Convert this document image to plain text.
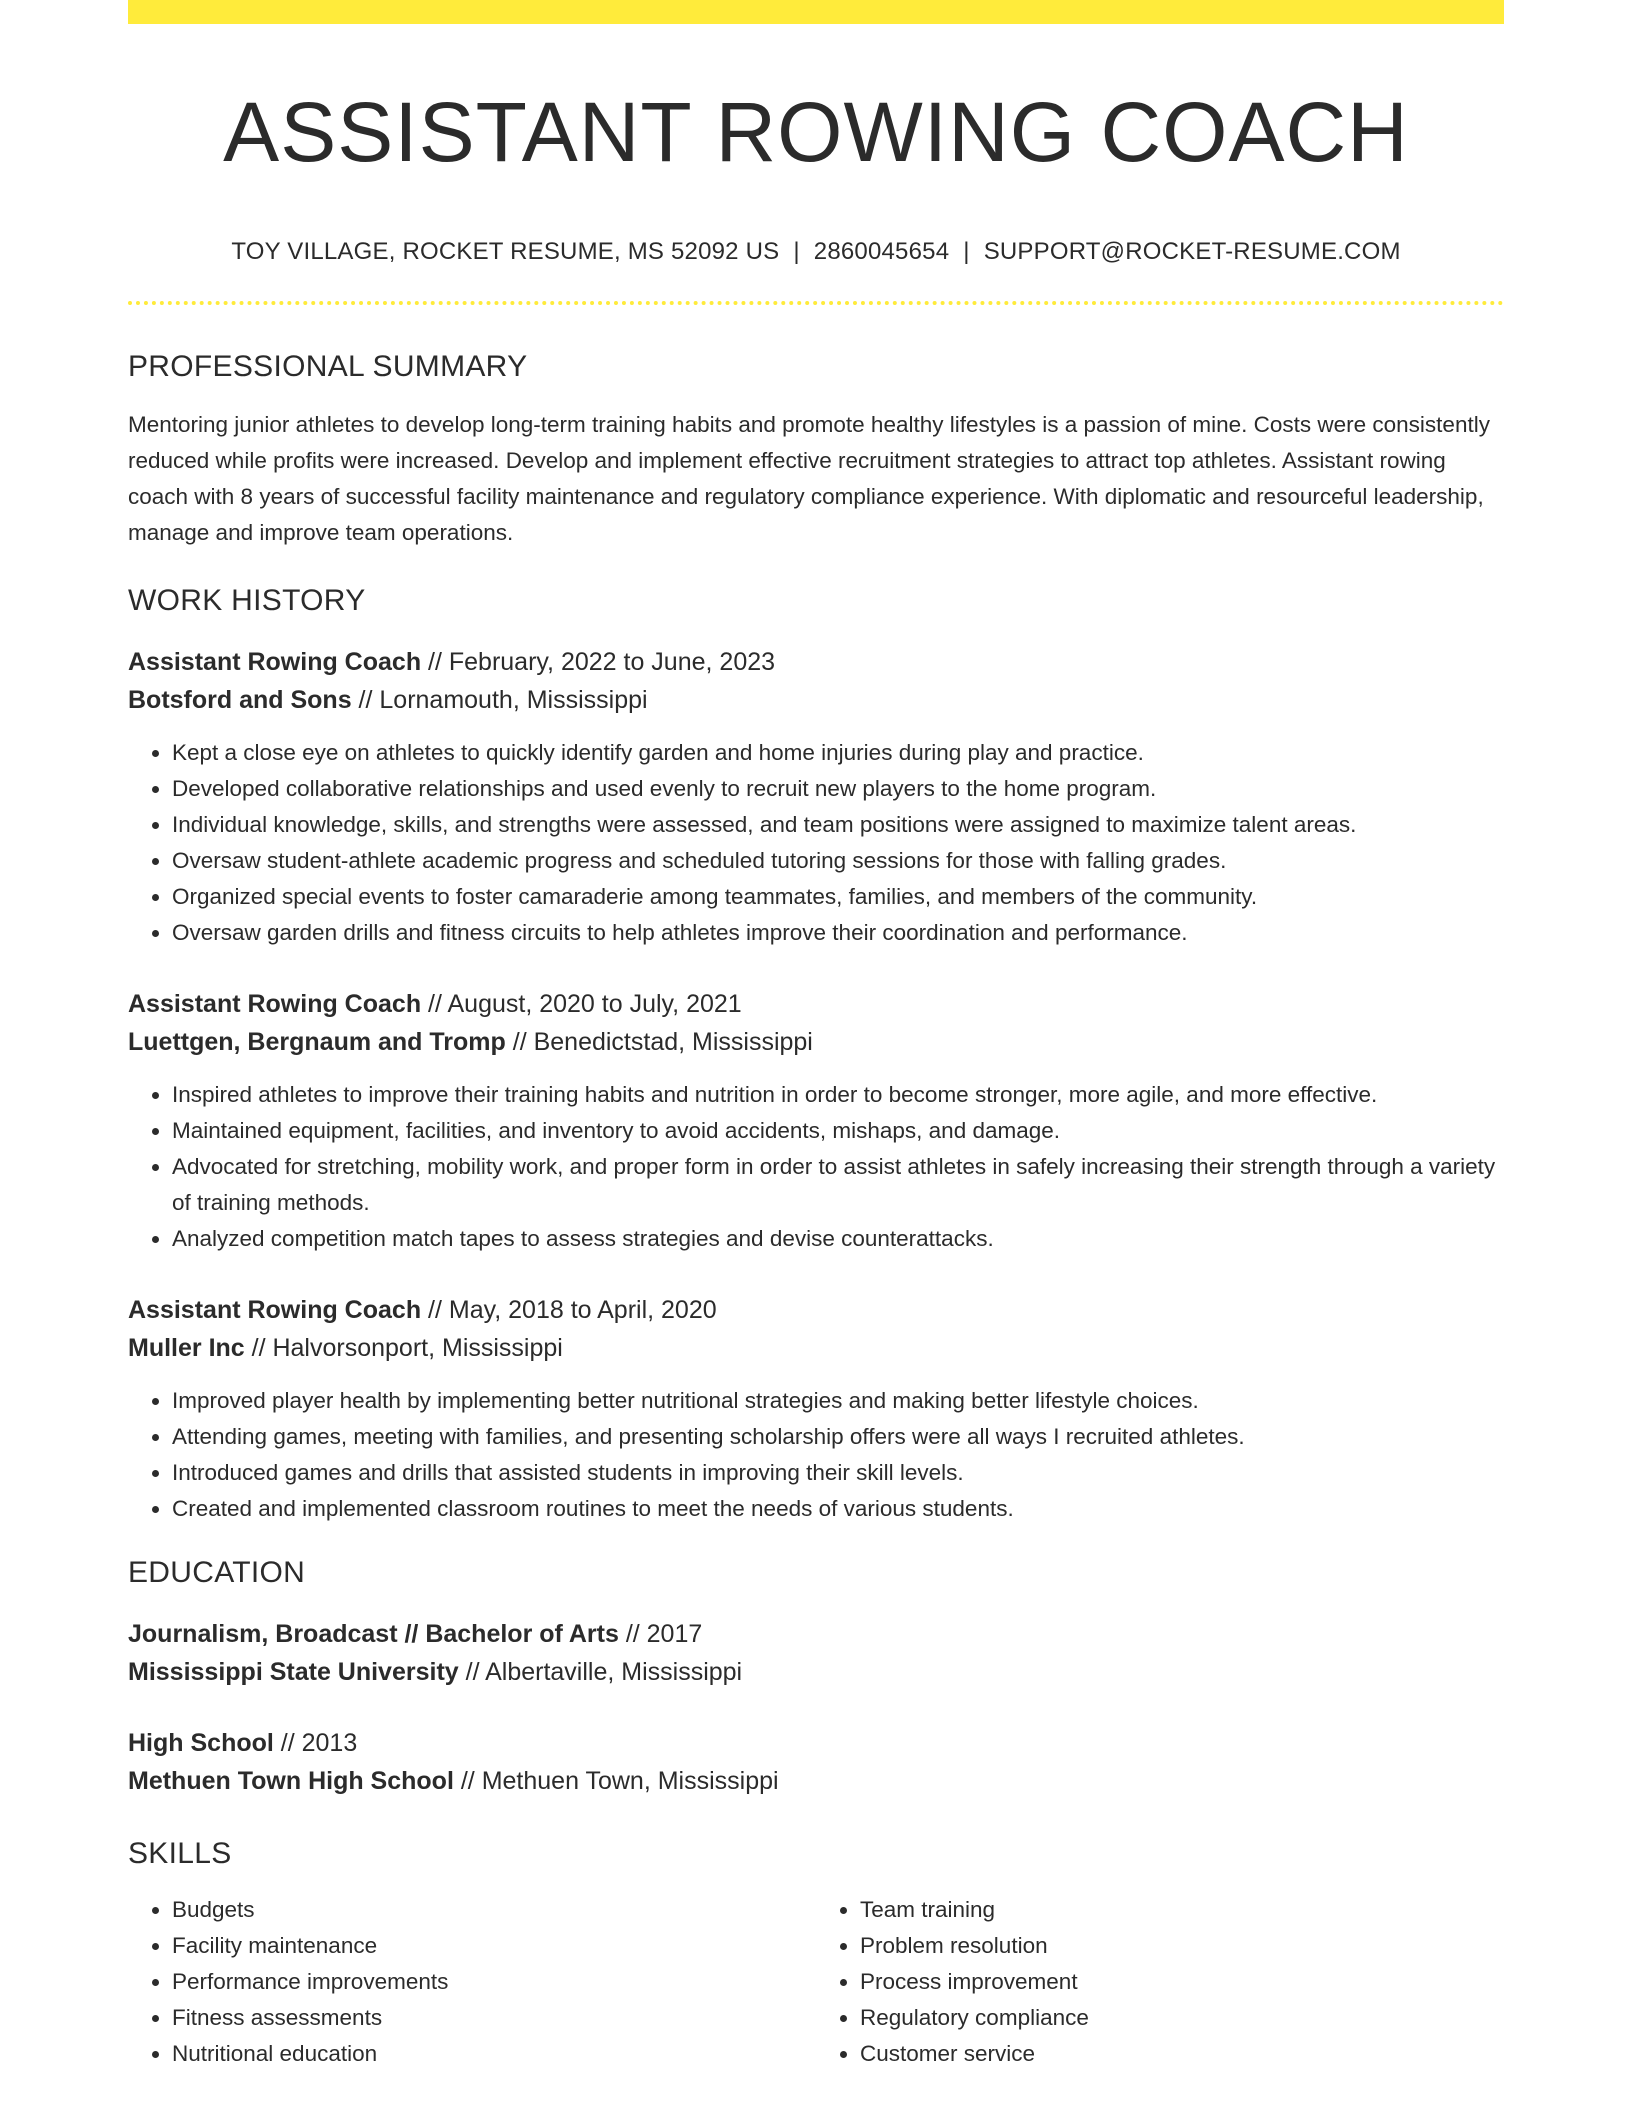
ASSISTANT ROWING COACH
TOY VILLAGE, ROCKET RESUME, MS 52092 US | 2860045654 | SUPPORT@ROCKET-RESUME.COM
PROFESSIONAL SUMMARY
Mentoring junior athletes to develop long-term training habits and promote healthy lifestyles is a passion of mine. Costs were consistently reduced while profits were increased. Develop and implement effective recruitment strategies to attract top athletes. Assistant rowing coach with 8 years of successful facility maintenance and regulatory compliance experience. With diplomatic and resourceful leadership, manage and improve team operations.
WORK HISTORY
Assistant Rowing Coach // February, 2022 to June, 2023
Botsford and Sons // Lornamouth, Mississippi
• Kept a close eye on athletes to quickly identify garden and home injuries during play and practice.
• Developed collaborative relationships and used evenly to recruit new players to the home program.
• Individual knowledge, skills, and strengths were assessed, and team positions were assigned to maximize talent areas.
• Oversaw student-athlete academic progress and scheduled tutoring sessions for those with falling grades.
• Organized special events to foster camaraderie among teammates, families, and members of the community.
• Oversaw garden drills and fitness circuits to help athletes improve their coordination and performance.
Assistant Rowing Coach // August, 2020 to July, 2021
Luettgen, Bergnaum and Tromp // Benedictstad, Mississippi
• Inspired athletes to improve their training habits and nutrition in order to become stronger, more agile, and more effective.
• Maintained equipment, facilities, and inventory to avoid accidents, mishaps, and damage.
• Advocated for stretching, mobility work, and proper form in order to assist athletes in safely increasing their strength through a variety of training methods.
• Analyzed competition match tapes to assess strategies and devise counterattacks.
Assistant Rowing Coach // May, 2018 to April, 2020
Muller Inc // Halvorsonport, Mississippi
• Improved player health by implementing better nutritional strategies and making better lifestyle choices.
• Attending games, meeting with families, and presenting scholarship offers were all ways I recruited athletes.
• Introduced games and drills that assisted students in improving their skill levels.
• Created and implemented classroom routines to meet the needs of various students.
EDUCATION
Journalism, Broadcast // Bachelor of Arts // 2017
Mississippi State University // Albertaville, Mississippi
High School // 2013
Methuen Town High School // Methuen Town, Mississippi
SKILLS
• Budgets
• Facility maintenance
• Performance improvements
• Fitness assessments
• Nutritional education
• Team training
• Problem resolution
• Process improvement
• Regulatory compliance
• Customer service
